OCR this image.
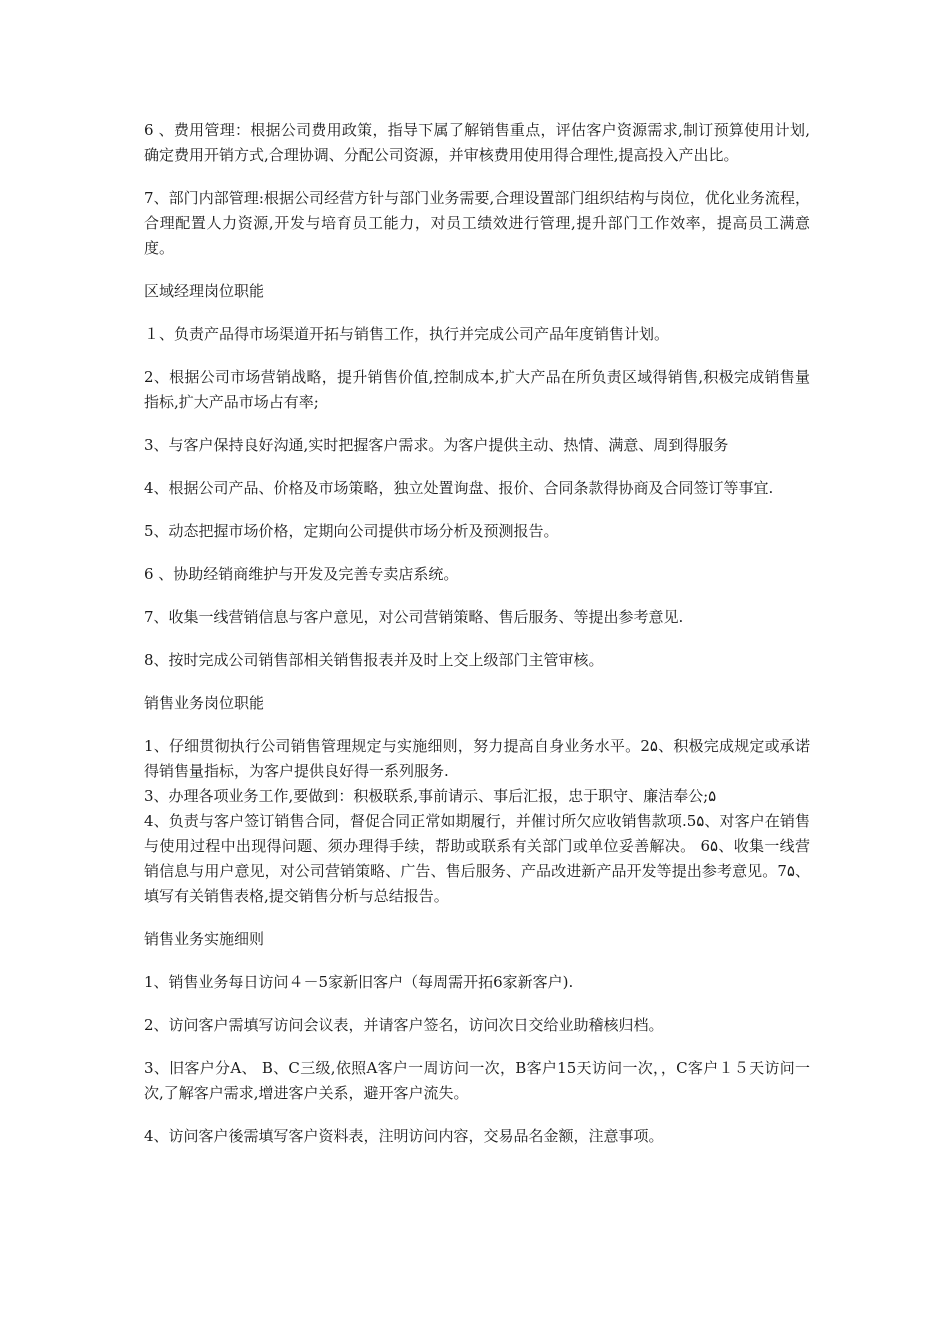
6 、费用管理：根据公司费用政策，指导下属了解销售重点，评估客户资源需求,制订预算使用计划,确定费用开销方式,合理协调、分配公司资源，并审核费用使用得合理性,提高投入产出比。

7、部门内部管理:根据公司经营方针与部门业务需要,合理设置部门组织结构与岗位，优化业务流程，合理配置人力资源,开发与培育员工能力，对员工绩效进行管理,提升部门工作效率，提高员工满意度。

区域经理岗位职能

１、负责产品得市场渠道开拓与销售工作，执行并完成公司产品年度销售计划。

2、根据公司市场营销战略，提升销售价值,控制成本,扩大产品在所负责区域得销售,积极完成销售量指标,扩大产品市场占有率;

3、与客户保持良好沟通,实时把握客户需求。为客户提供主动、热情、满意、周到得服务

4、根据公司产品、价格及市场策略，独立处置询盘、报价、合同条款得协商及合同签订等事宜.

5、动态把握市场价格，定期向公司提供市场分析及预测报告。

6 、协助经销商维护与开发及完善专卖店系统。

7、收集一线营销信息与客户意见，对公司营销策略、售后服务、等提出参考意见.

8、按时完成公司销售部相关销售报表并及时上交上级部门主管审核。

销售业务岗位职能

1、仔细贯彻执行公司销售管理规定与实施细则，努力提高自身业务水平。2۵、积极完成规定或承诺得销售量指标，为客户提供良好得一系列服务.

3、办理各项业务工作,要做到：积极联系,事前请示、事后汇报，忠于职守、廉洁奉公;۵

4、负责与客户签订销售合同，督促合同正常如期履行，并催讨所欠应收销售款项.5۵、对客户在销售与使用过程中出现得问题、须办理得手续，帮助或联系有关部门或单位妥善解决。 6۵、收集一线营销信息与用户意见，对公司营销策略、广告、售后服务、产品改进新产品开发等提出参考意见。7۵、填写有关销售表格,提交销售分析与总结报告。

销售业务实施细则

1、销售业务每日访问４－5家新旧客户（每周需开拓6家新客户).

2、访问客户需填写访问会议表，并请客户签名，访问次日交给业助稽核归档。

3、旧客户分A、 B、C三级,依照A客户一周访问一次，B客户15天访问一次，，C客户１５天访问一次,了解客户需求,增进客户关系，避开客户流失。

4、访问客户後需填写客户资料表，注明访问内容，交易品名金额，注意事项。
